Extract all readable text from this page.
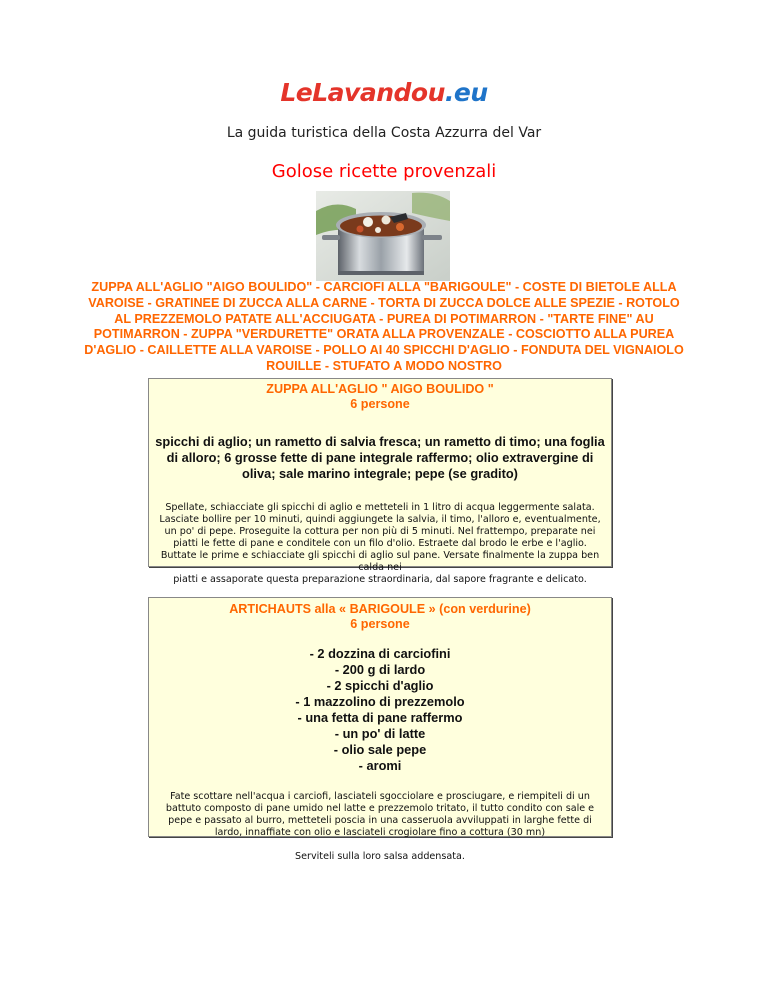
LeLavandou.eu
La guida turistica della Costa Azzurra del Var
Golose ricette provenzali
ZUPPA ALL'AGLIO "AIGO BOULIDO" - CARCIOFI ALLA "BARIGOULE" - COSTE DI BIETOLE ALLA VAROISE - GRATINEE DI ZUCCA ALLA CARNE - TORTA DI ZUCCA DOLCE ALLE SPEZIE - ROTOLO AL PREZZEMOLO PATATE ALL'ACCIUGATA - PUREA DI POTIMARRON - "TARTE FINE" AU POTIMARRON - ZUPPA "VERDURETTE" ORATA ALLA PROVENZALE - COSCIOTTO ALLA PUREA D'AGLIO - CAILLETTE ALLA VAROISE - POLLO AI 40 SPICCHI D'AGLIO - FONDUTA DEL VIGNAIOLO ROUILLE - STUFATO A MODO NOSTRO
ZUPPA ALL'AGLIO " AIGO BOULIDO "
6 persone
spicchi di aglio; un rametto di salvia fresca; un rametto di timo; una foglia di alloro; 6 grosse fette di pane integrale raffermo; olio extravergine di oliva; sale marino integrale; pepe (se gradito)
Spellate, schiacciate gli spicchi di aglio e metteteli in 1 litro di acqua leggermente salata. Lasciate bollire per 10 minuti, quindi aggiungete la salvia, il timo, l'alloro e, eventualmente, un po' di pepe. Proseguite la cottura per non più di 5 minuti. Nel frattempo, preparate nei piatti le fette di pane e conditele con un filo d'olio. Estraete dal brodo le erbe e l'aglio. Buttate le prime e schiacciate gli spicchi di aglio sul pane. Versate finalmente la zuppa ben calda nei
piatti e assaporate questa preparazione straordinaria, dal sapore fragrante e delicato.
ARTICHAUTS alla « BARIGOULE » (con verdurine)
6 persone
- 2 dozzina di carciofini
- 200 g di lardo
- 2 spicchi d'aglio
- 1 mazzolino di prezzemolo
- una fetta di pane raffermo
- un po' di latte
- olio sale pepe
- aromi
Fate scottare nell'acqua i carciofi, lasciateli sgocciolare e prosciugare, e riempiteli di un battuto composto di pane umido nel latte e prezzemolo tritato, il tutto condito con sale e pepe e passato al burro, metteteli poscia in una casseruola avviluppati in larghe fette di lardo, innaffiate con olio e lasciateli crogiolare fino a cottura (30 mn)
Serviteli sulla loro salsa addensata.
